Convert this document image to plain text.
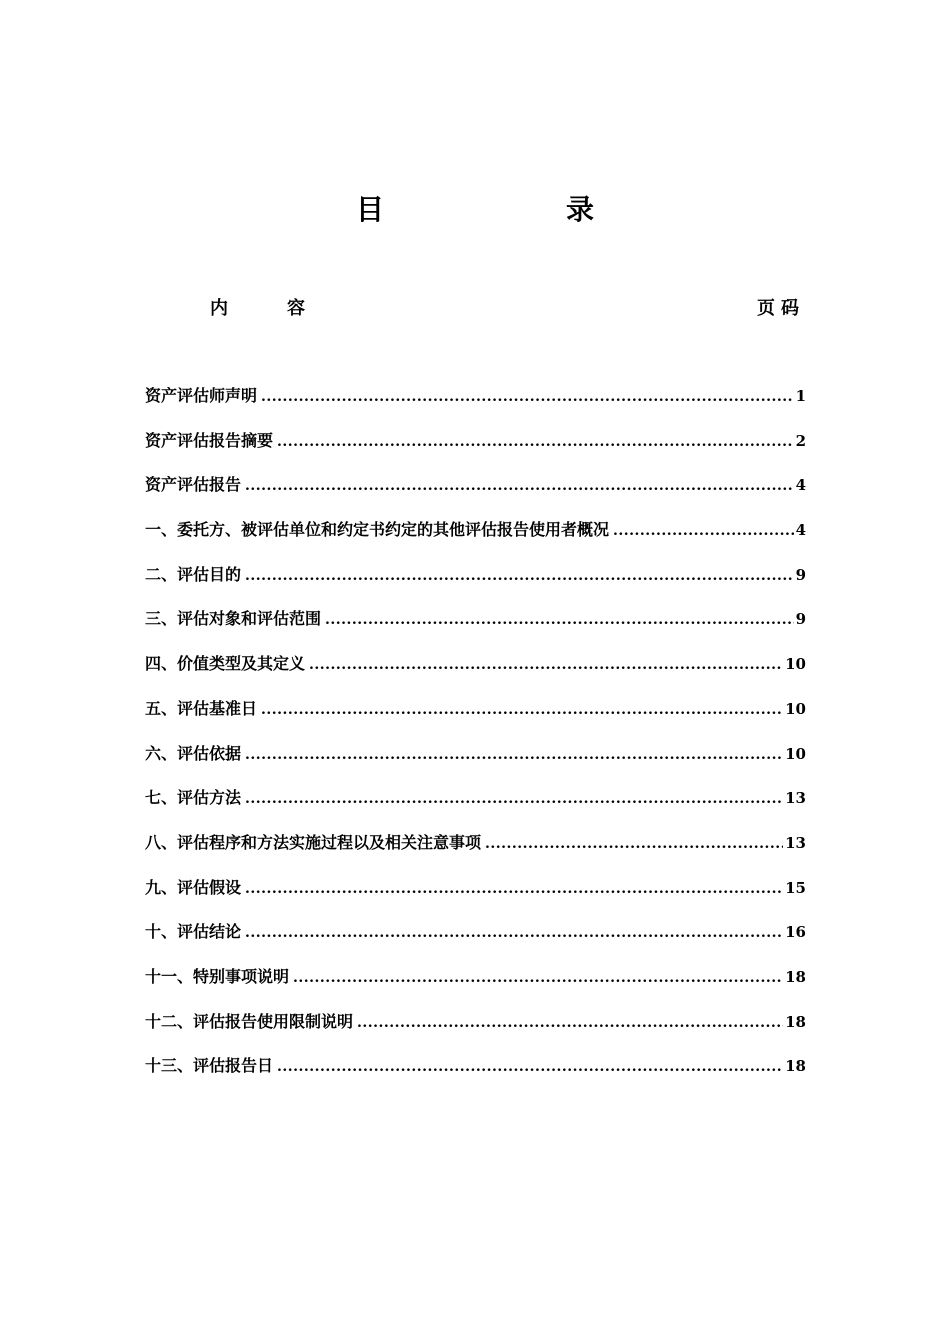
目	录
内	容	页码
资产评估师声明 .....	1
资产评估报告摘要 .....	2
资产评估报告 .....	4
一、委托方、被评估单位和约定书约定的其他评估报告使用者概况 .....	4
二、评估目的 .....	9
三、评估对象和评估范围 .....	9
四、价值类型及其定义 .....	10
五、评估基准日 .....	10
六、评估依据 .....	10
七、评估方法 .....	13
八、评估程序和方法实施过程以及相关注意事项 .....	13
九、评估假设 .....	15
十、评估结论 .....	16
十一、特别事项说明 .....	18
十二、评估报告使用限制说明 .....	18
十三、评估报告日 .....	18
